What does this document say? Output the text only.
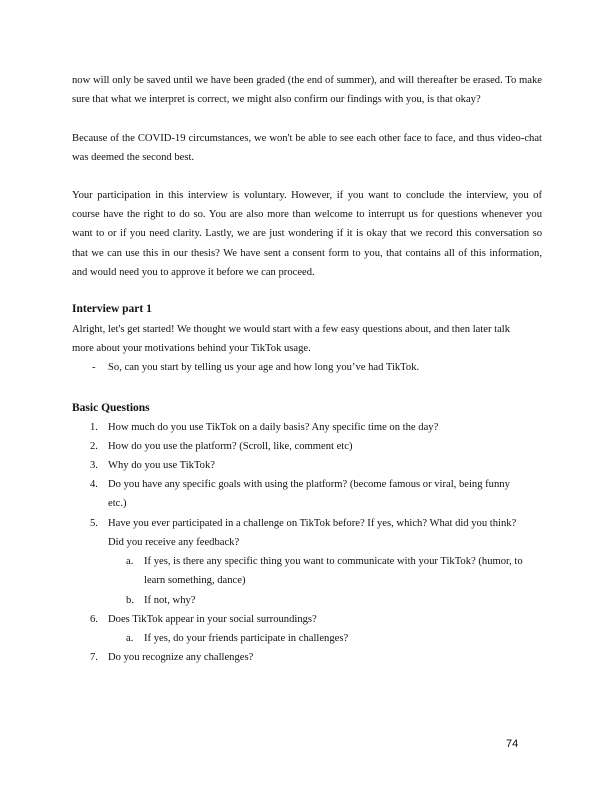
now will only be saved until we have been graded (the end of summer), and will thereafter be erased. To make sure that what we interpret is correct, we might also confirm our findings with you, is that okay?
Because of the COVID-19 circumstances, we won't be able to see each other face to face, and thus video-chat was deemed the second best.
Your participation in this interview is voluntary. However, if you want to conclude the interview, you of course have the right to do so. You are also more than welcome to interrupt us for questions whenever you want to or if you need clarity. Lastly, we are just wondering if it is okay that we record this conversation so that we can use this in our thesis? We have sent a consent form to you, that contains all of this information, and would need you to approve it before we can proceed.
Interview part 1
Alright, let's get started! We thought we would start with a few easy questions about, and then later talk more about your motivations behind your TikTok usage.
- So, can you start by telling us your age and how long you’ve had TikTok.
Basic Questions
1. How much do you use TikTok on a daily basis? Any specific time on the day?
2. How do you use the platform? (Scroll, like, comment etc)
3. Why do you use TikTok?
4. Do you have any specific goals with using the platform? (become famous or viral, being funny
etc.)
5. Have you ever participated in a challenge on TikTok before? If yes, which? What did you think?
Did you receive any feedback?
a. If yes, is there any specific thing you want to communicate with your TikTok? (humor, to
learn something, dance)
b. If not, why?
6. Does TikTok appear in your social surroundings?
a. If yes, do your friends participate in challenges?
7. Do you recognize any challenges?
74
